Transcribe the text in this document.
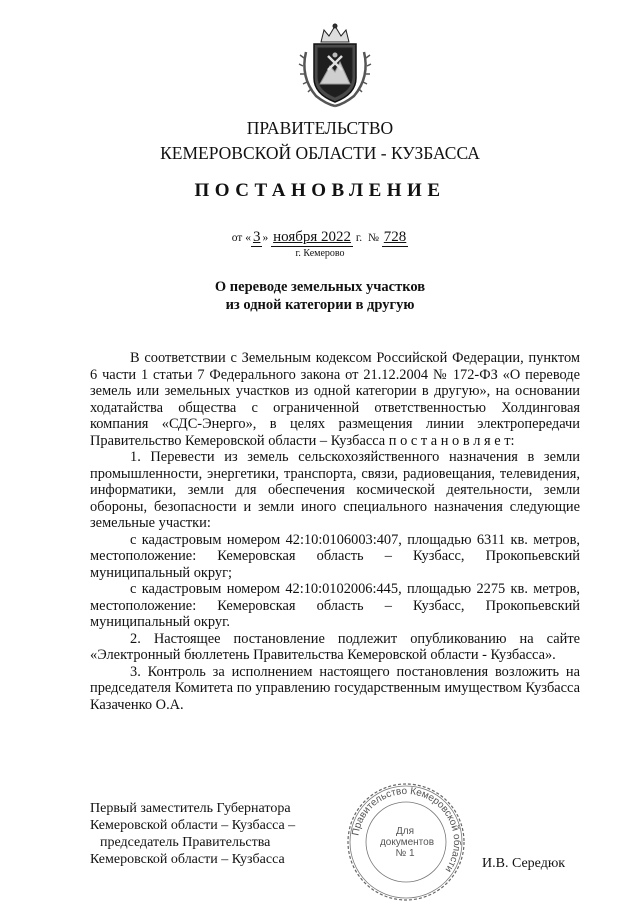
ПРАВИТЕЛЬСТВО
КЕМЕРОВСКОЙ ОБЛАСТИ - КУЗБАССА
ПОСТАНОВЛЕНИЕ
от « 3 » ноября 2022 г. № 728
г. Кемерово
О переводе земельных участков
из одной категории в другую

В соответствии с Земельным кодексом Российской Федерации, пунктом 6 части 1 статьи 7 Федерального закона от 21.12.2004 № 172-ФЗ «О переводе земель или земельных участков из одной категории в другую», на основании ходатайства общества с ограниченной ответственностью Холдинговая компания «СДС-Энерго», в целях размещения линии электропередачи Правительство Кемеровской области – Кузбасса п о с т а н о в л я е т:

1. Перевести из земель сельскохозяйственного назначения в земли промышленности, энергетики, транспорта, связи, радиовещания, телевидения, информатики, земли для обеспечения космической деятельности, земли обороны, безопасности и земли иного специального назначения следующие земельные участки:

с кадастровым номером 42:10:0106003:407, площадью 6311 кв. метров, местоположение: Кемеровская область – Кузбасс, Прокопьевский муниципальный округ;

с кадастровым номером 42:10:0102006:445, площадью 2275 кв. метров, местоположение: Кемеровская область – Кузбасс, Прокопьевский муниципальный округ.

2. Настоящее постановление подлежит опубликованию на сайте «Электронный бюллетень Правительства Кемеровской области - Кузбасса».

3. Контроль за исполнением настоящего постановления возложить на председателя Комитета по управлению государственным имуществом Кузбасса Казаченко О.А.

Первый заместитель Губернатора
Кемеровской области – Кузбасса –
председатель Правительства
Кемеровской области – Кузбасса
Правительство Кемеровской области
Для
документов
№ 1
И.В. Середюк
